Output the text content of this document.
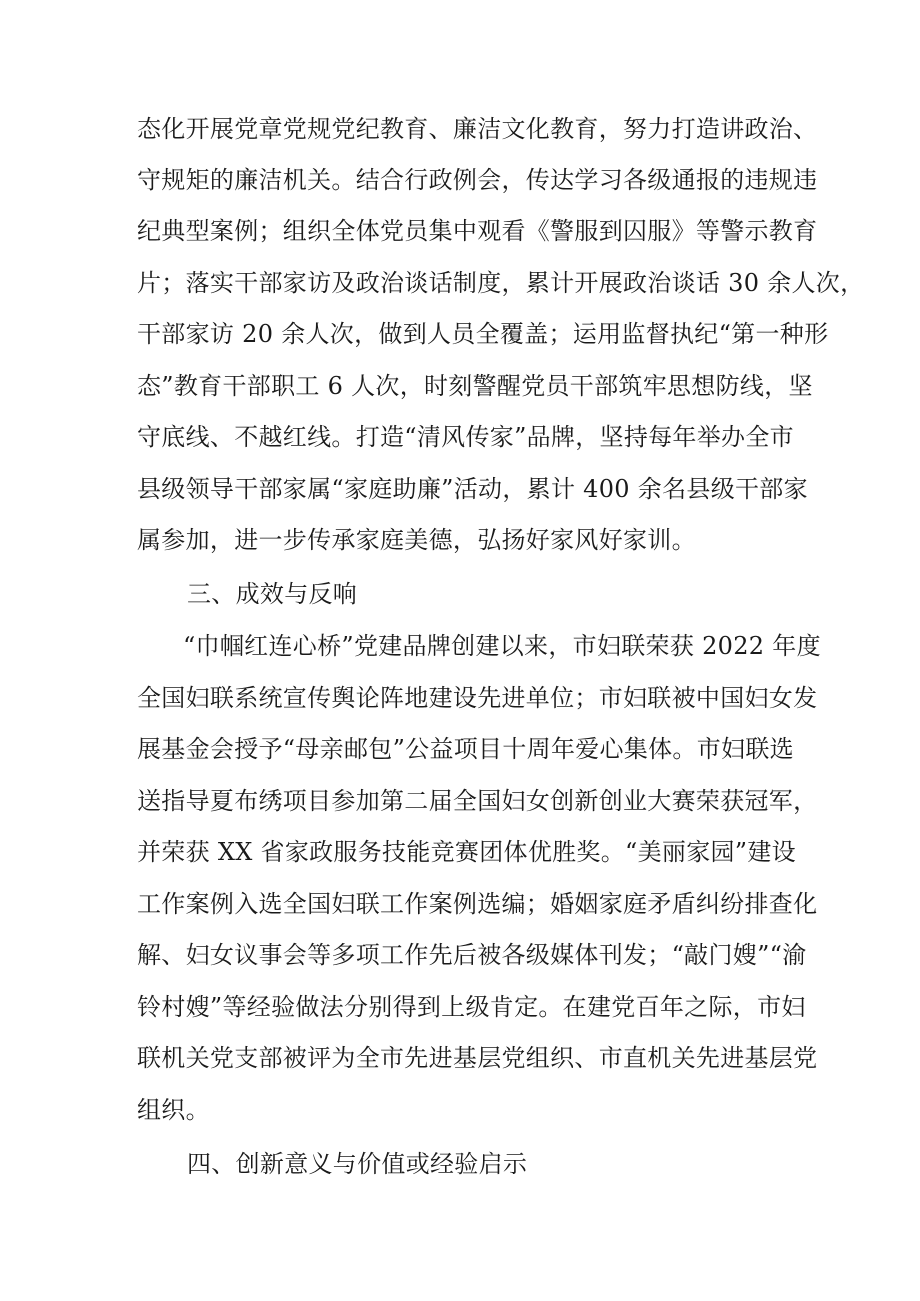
态化开展党章党规党纪教育、廉洁文化教育，努力打造讲政治、
守规矩的廉洁机关。结合行政例会，传达学习各级通报的违规违
纪典型案例；组织全体党员集中观看《警服到囚服》等警示教育
片；落实干部家访及政治谈话制度，累计开展政治谈话 30 余人次，
干部家访 20 余人次，做到人员全覆盖；运用监督执纪“第一种形
态”教育干部职工 6 人次，时刻警醒党员干部筑牢思想防线，坚
守底线、不越红线。打造“清风传家”品牌，坚持每年举办全市
县级领导干部家属“家庭助廉”活动，累计 400 余名县级干部家
属参加，进一步传承家庭美德，弘扬好家风好家训。
三、成效与反响
“巾帼红连心桥”党建品牌创建以来，市妇联荣获 2022 年度
全国妇联系统宣传舆论阵地建设先进单位；市妇联被中国妇女发
展基金会授予“母亲邮包”公益项目十周年爱心集体。市妇联选
送指导夏布绣项目参加第二届全国妇女创新创业大赛荣获冠军，
并荣获 XX 省家政服务技能竞赛团体优胜奖。“美丽家园”建设
工作案例入选全国妇联工作案例选编；婚姻家庭矛盾纠纷排查化
解、妇女议事会等多项工作先后被各级媒体刊发；“敲门嫂”“渝
铃村嫂”等经验做法分别得到上级肯定。在建党百年之际，市妇
联机关党支部被评为全市先进基层党组织、市直机关先进基层党
组织。
四、创新意义与价值或经验启示
